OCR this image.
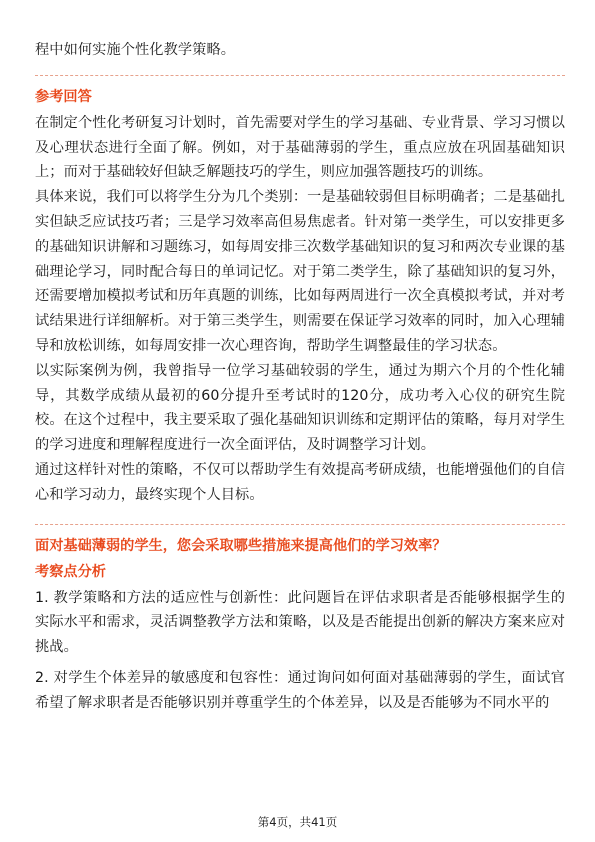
程中如何实施个性化教学策略。

参考回答

在制定个性化考研复习计划时，首先需要对学生的学习基础、专业背景、学习习惯以及心理状态进行全面了解。例如，对于基础薄弱的学生，重点应放在巩固基础知识上；而对于基础较好但缺乏解题技巧的学生，则应加强答题技巧的训练。

具体来说，我们可以将学生分为几个类别：一是基础较弱但目标明确者；二是基础扎实但缺乏应试技巧者；三是学习效率高但易焦虑者。针对第一类学生，可以安排更多的基础知识讲解和习题练习，如每周安排三次数学基础知识的复习和两次专业课的基础理论学习，同时配合每日的单词记忆。对于第二类学生，除了基础知识的复习外，还需要增加模拟考试和历年真题的训练，比如每两周进行一次全真模拟考试，并对考试结果进行详细解析。对于第三类学生，则需要在保证学习效率的同时，加入心理辅导和放松训练，如每周安排一次心理咨询，帮助学生调整最佳的学习状态。

以实际案例为例，我曾指导一位学习基础较弱的学生，通过为期六个月的个性化辅导，其数学成绩从最初的60分提升至考试时的120分，成功考入心仪的研究生院校。在这个过程中，我主要采取了强化基础知识训练和定期评估的策略，每月对学生的学习进度和理解程度进行一次全面评估，及时调整学习计划。

通过这样针对性的策略，不仅可以帮助学生有效提高考研成绩，也能增强他们的自信心和学习动力，最终实现个人目标。

面对基础薄弱的学生，您会采取哪些措施来提高他们的学习效率？

考察点分析

1. 教学策略和方法的适应性与创新性：此问题旨在评估求职者是否能够根据学生的实际水平和需求，灵活调整教学方法和策略，以及是否能提出创新的解决方案来应对挑战。

2. 对学生个体差异的敏感度和包容性：通过询问如何面对基础薄弱的学生，面试官希望了解求职者是否能够识别并尊重学生的个体差异，以及是否能够为不同水平的

第4页，共41页
